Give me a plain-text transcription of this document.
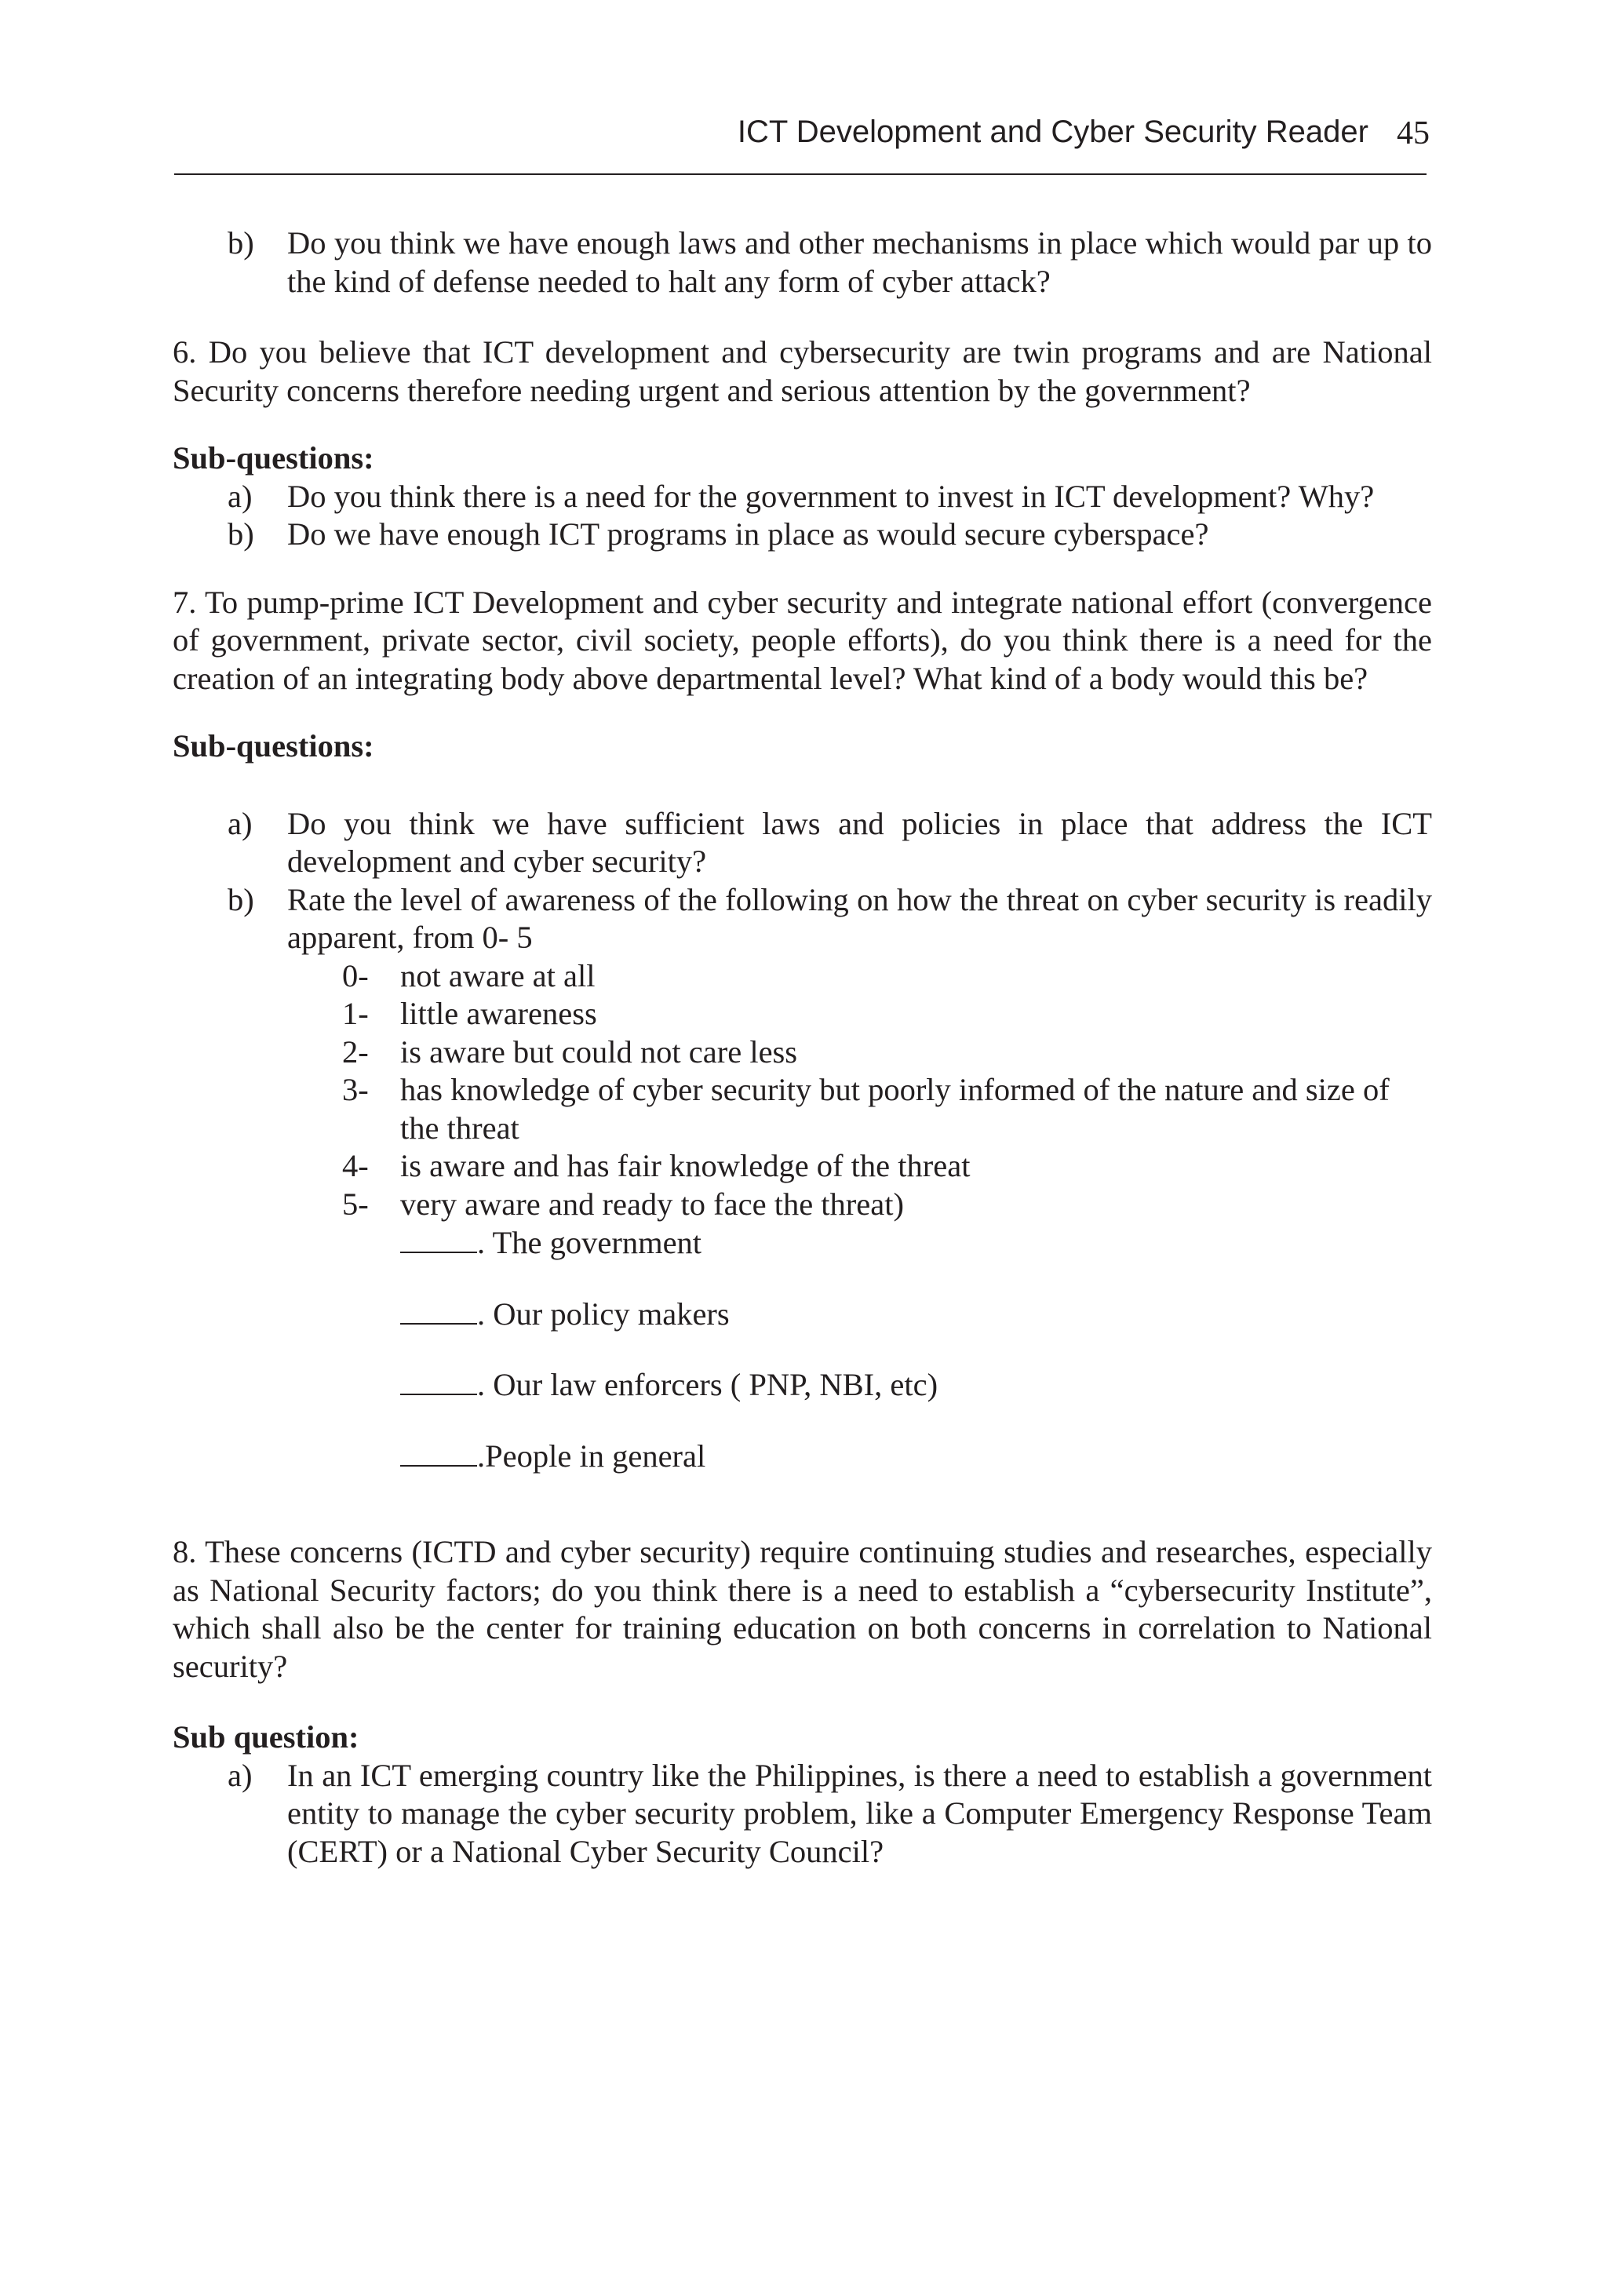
ICT Development and Cyber Security Reader 45

b) Do you think we have enough laws and other mechanisms in place which would par up to the kind of defense needed to halt any form of cyber attack?

6. Do you believe that ICT development and cybersecurity are twin programs and are National Security concerns therefore needing urgent and serious attention by the government?

Sub-questions:

a) Do you think there is a need for the government to invest in ICT development? Why?

b) Do we have enough ICT programs in place as would secure cyberspace?

7. To pump-prime ICT Development and cyber security and integrate national effort (convergence of government, private sector, civil society, people efforts), do you think there is a need for the creation of an integrating body above departmental level? What kind of a body would this be?

Sub-questions:

a) Do you think we have sufficient laws and policies in place that address the ICT development and cyber security?

b) Rate the level of awareness of the following on how the threat on cyber security is readily apparent, from 0- 5

0- not aware at all

1- little awareness

2- is aware but could not care less

3- has knowledge of cyber security but poorly informed of the nature and size of the threat

4- is aware and has fair knowledge of the threat

5- very aware and ready to face the threat)

. The government

. Our policy makers

. Our law enforcers ( PNP, NBI, etc)

.People in general

8. These concerns (ICTD and cyber security) require continuing studies and researches, especially as National Security factors; do you think there is a need to establish a “cybersecurity Institute”, which shall also be the center for training education on both concerns in correlation to National security?

Sub question:

a) In an ICT emerging country like the Philippines, is there a need to establish a government entity to manage the cyber security problem, like a Computer Emergency Response Team (CERT) or a National Cyber Security Council?
